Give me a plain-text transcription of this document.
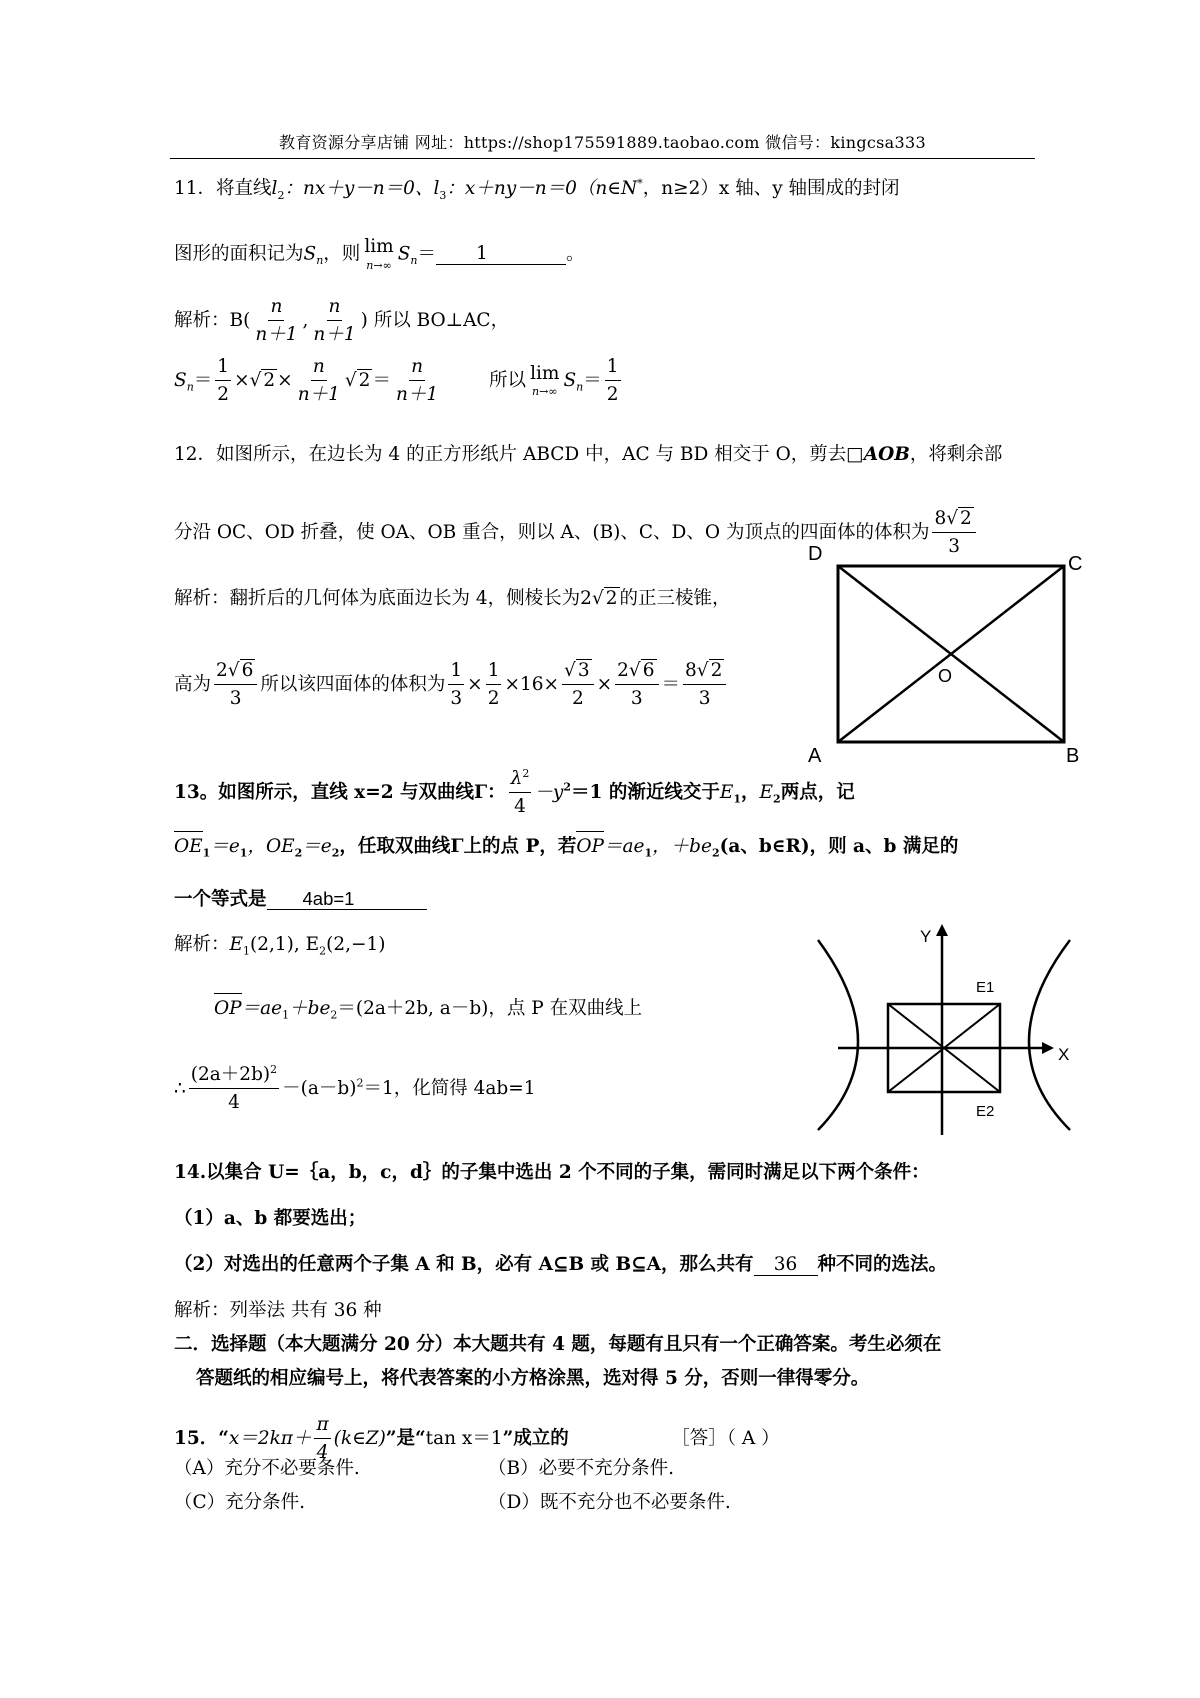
教育资源分享店铺 网址：https://shop175591889.taobao.com 微信号：kingcsa333
11．将直线$l_2$：nx＋y－n＝0、$l_3$：x＋ny－n＝0（n∈N*，n≥2）x 轴、y 轴围成的封闭
图形的面积记为$S_n$，则 lim
n→∞
$S_n= 1$	。
解析：$B( \frac{n}{n+1}$ , $\frac{n}{n+1}$ ) 所以 BO⊥AC，
$S_n= \frac{1}{2}$ ×√ $2 \times \frac{n}{n+1}$ √ $2 = \frac{n}{n+1}$	所以 lim
n→∞
$S_n= \frac{1}{2}$
12．如图所示，在边长为 4 的正方形纸片 ABCD 中，AC 与 BD 相交于 O，剪去□AOB，将剩余部
分沿 OC、OD 折叠，使 OA、OB 重合，则以 A、(B)、C、D、O 为顶点的四面体的体积为 $\frac{8√ 2}{3}$
解析：翻折后的几何体为底面边长为 4，侧棱长为2√ 2 的正三棱锥，
高为 $\frac{2√ 6}{3}$ 所以该四面体的体积为 $\frac{1}{3} \times \frac{1}{2} \times 16\times \frac{√ 3}{2} \times \frac{2√ 6}{3} = \frac{8√ 2}{3}$
D	C
O
A	B
13。如图所示，直线 x=2 与双曲线Γ： $\frac{\lambda^2}{4} -y^2=1$ 的渐近线交于$E_1$，$E_2$两点，记
$OE_1=e_1$，$OE_2=e_2$，任取双曲线Γ上的点 P，若$OP=ae_1$，$+be_2(a$、b∈R)，则 a、b 满足的
一个等式是 4ab=1
解析：$E_1(2,1)$, $E_2(2,-1)$
$OP=ae_1+be_2=(2a+2b$, a－b)，点 P 在双曲线上
∴ $\frac{(2a+2b)^2}{4} -(a-b)^2=1$，化简得 4ab=1
Y
X
E1
E2
14.以集合 U=｛a，b，c，d｝的子集中选出 2 个不同的子集，需同时满足以下两个条件：
（1）a、b 都要选出；
（2）对选出的任意两个子集 A 和 B，必有 A⊆B 或 B⊆A，那么共有 36 种不同的选法。
解析：列举法 共有 36 种
二．选择题（本大题满分 20 分）本大题共有 4 题，每题有且只有一个正确答案。考生必须在
答题纸的相应编号上，将代表答案的小方格涂黑，选对得 5 分，否则一律得零分。
15．“$x=2k\pi+ \frac{\pi}{4}$ (k∈Z)”是“tan x＝1”成立的	［答］（ A ）
（A）充分不必要条件.	（B）必要不充分条件.
（C）充分条件.	（D）既不充分也不必要条件.
